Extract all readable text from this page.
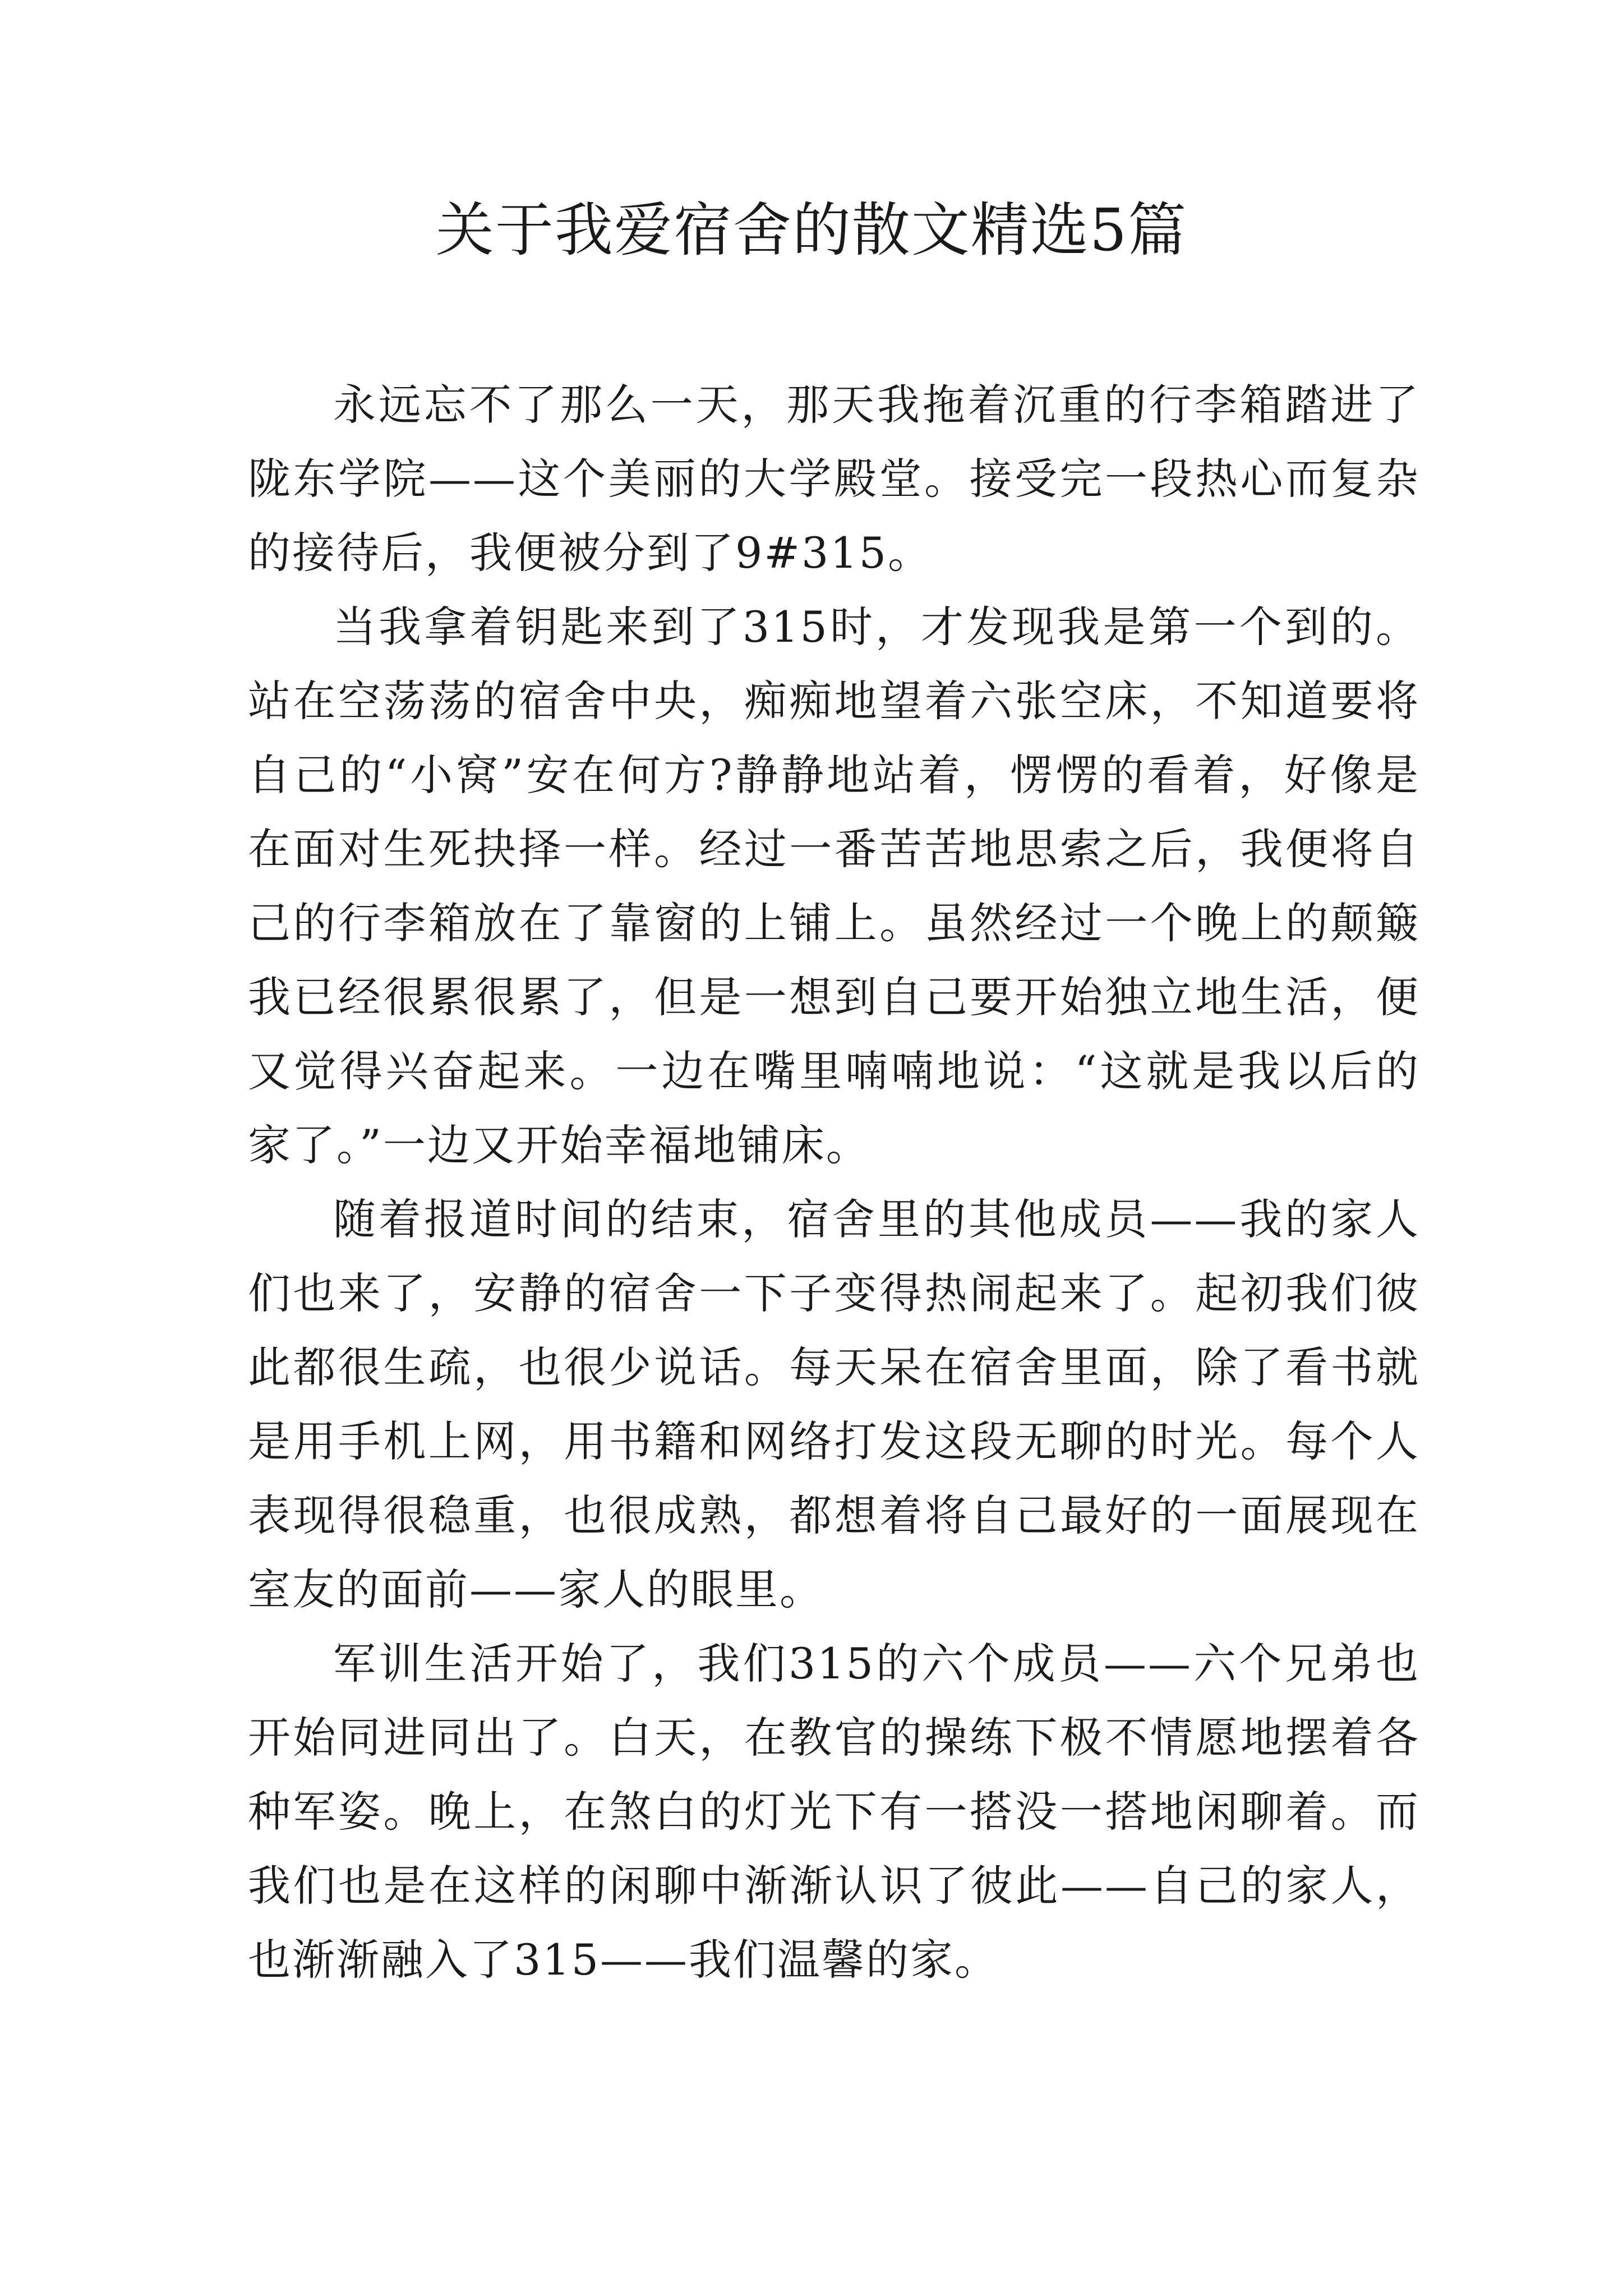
关于我爱宿舍的散文精选5篇

永远忘不了那么一天，那天我拖着沉重的行李箱踏进了陇东学院——这个美丽的大学殿堂。接受完一段热心而复杂的接待后，我便被分到了9#315。

当我拿着钥匙来到了315时，才发现我是第一个到的。站在空荡荡的宿舍中央，痴痴地望着六张空床，不知道要将自己的“小窝”安在何方?静静地站着，愣愣的看着，好像是在面对生死抉择一样。经过一番苦苦地思索之后，我便将自己的行李箱放在了靠窗的上铺上。虽然经过一个晚上的颠簸我已经很累很累了，但是一想到自己要开始独立地生活，便又觉得兴奋起来。一边在嘴里喃喃地说：“这就是我以后的家了。”一边又开始幸福地铺床。

随着报道时间的结束，宿舍里的其他成员——我的家人们也来了，安静的宿舍一下子变得热闹起来了。起初我们彼此都很生疏，也很少说话。每天呆在宿舍里面，除了看书就是用手机上网，用书籍和网络打发这段无聊的时光。每个人表现得很稳重，也很成熟，都想着将自己最好的一面展现在室友的面前——家人的眼里。

军训生活开始了，我们315的六个成员——六个兄弟也开始同进同出了。白天，在教官的操练下极不情愿地摆着各种军姿。晚上，在煞白的灯光下有一搭没一搭地闲聊着。而我们也是在这样的闲聊中渐渐认识了彼此——自己的家人，也渐渐融入了315——我们温馨的家。
